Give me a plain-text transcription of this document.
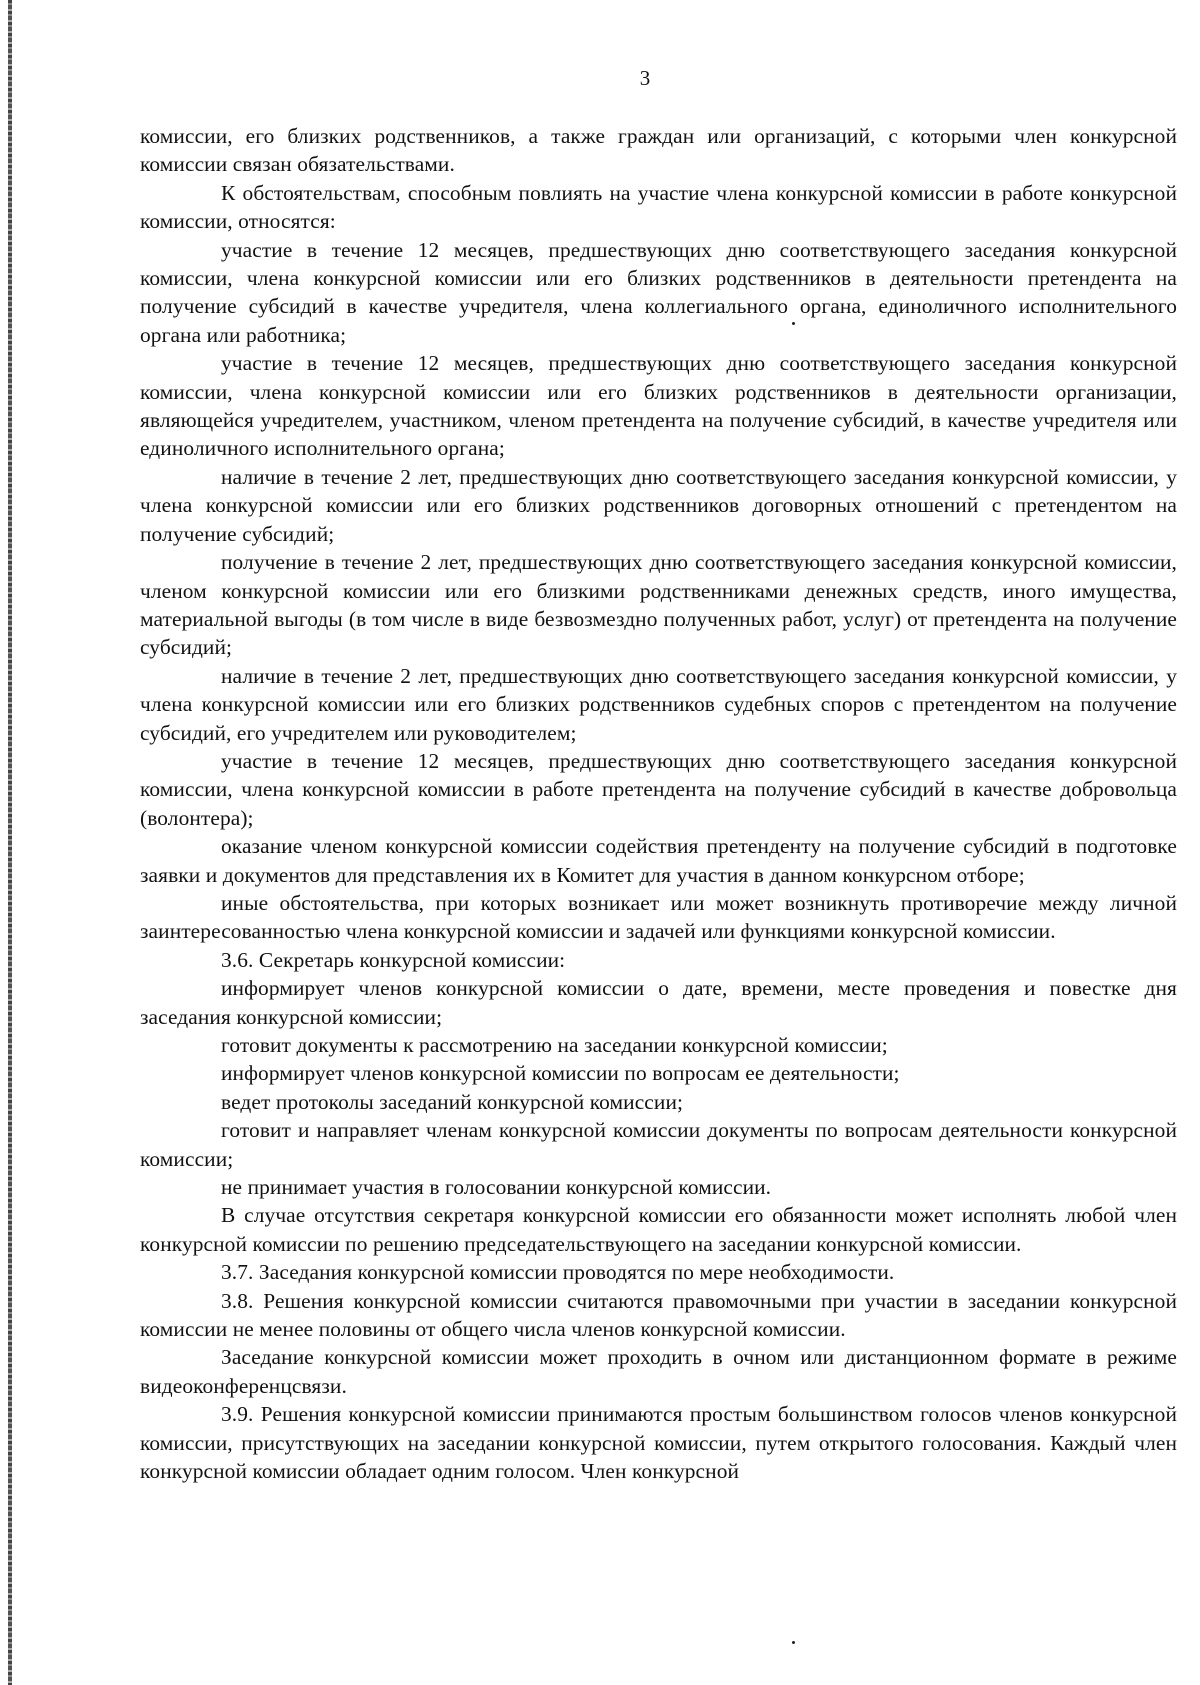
3

комиссии, его близких родственников, а также граждан или организаций, с которыми член конкурсной комиссии связан обязательствами.

К обстоятельствам, способным повлиять на участие члена конкурсной комиссии в работе конкурсной комиссии, относятся:

участие в течение 12 месяцев, предшествующих дню соответствующего заседания конкурсной комиссии, члена конкурсной комиссии или его близких родственников в деятельности претендента на получение субсидий в качестве учредителя, члена коллегиального органа, единоличного исполнительного органа или работника;

участие в течение 12 месяцев, предшествующих дню соответствующего заседания конкурсной комиссии, члена конкурсной комиссии или его близких родственников в деятельности организации, являющейся учредителем, участником, членом претендента на получение субсидий, в качестве учредителя или единоличного исполнительного органа;

наличие в течение 2 лет, предшествующих дню соответствующего заседания конкурсной комиссии, у члена конкурсной комиссии или его близких родственников договорных отношений с претендентом на получение субсидий;

получение в течение 2 лет, предшествующих дню соответствующего заседания конкурсной комиссии, членом конкурсной комиссии или его близкими родственниками денежных средств, иного имущества, материальной выгоды (в том числе в виде безвозмездно полученных работ, услуг) от претендента на получение субсидий;

наличие в течение 2 лет, предшествующих дню соответствующего заседания конкурсной комиссии, у члена конкурсной комиссии или его близких родственников судебных споров с претендентом на получение субсидий, его учредителем или руководителем;

участие в течение 12 месяцев, предшествующих дню соответствующего заседания конкурсной комиссии, члена конкурсной комиссии в работе претендента на получение субсидий в качестве добровольца (волонтера);

оказание членом конкурсной комиссии содействия претенденту на получение субсидий в подготовке заявки и документов для представления их в Комитет для участия в данном конкурсном отборе;

иные обстоятельства, при которых возникает или может возникнуть противоречие между личной заинтересованностью члена конкурсной комиссии и задачей или функциями конкурсной комиссии.

3.6. Секретарь конкурсной комиссии:

информирует членов конкурсной комиссии о дате, времени, месте проведения и повестке дня заседания конкурсной комиссии;

готовит документы к рассмотрению на заседании конкурсной комиссии;

информирует членов конкурсной комиссии по вопросам ее деятельности;

ведет протоколы заседаний конкурсной комиссии;

готовит и направляет членам конкурсной комиссии документы по вопросам деятельности конкурсной комиссии;

не принимает участия в голосовании конкурсной комиссии.

В случае отсутствия секретаря конкурсной комиссии его обязанности может исполнять любой член конкурсной комиссии по решению председательствующего на заседании конкурсной комиссии.

3.7. Заседания конкурсной комиссии проводятся по мере необходимости.

3.8. Решения конкурсной комиссии считаются правомочными при участии в заседании конкурсной комиссии не менее половины от общего числа членов конкурсной комиссии.

Заседание конкурсной комиссии может проходить в очном или дистанционном формате в режиме видеоконференцсвязи.

3.9. Решения конкурсной комиссии принимаются простым большинством голосов членов конкурсной комиссии, присутствующих на заседании конкурсной комиссии, путем открытого голосования. Каждый член конкурсной комиссии обладает одним голосом. Член конкурсной
